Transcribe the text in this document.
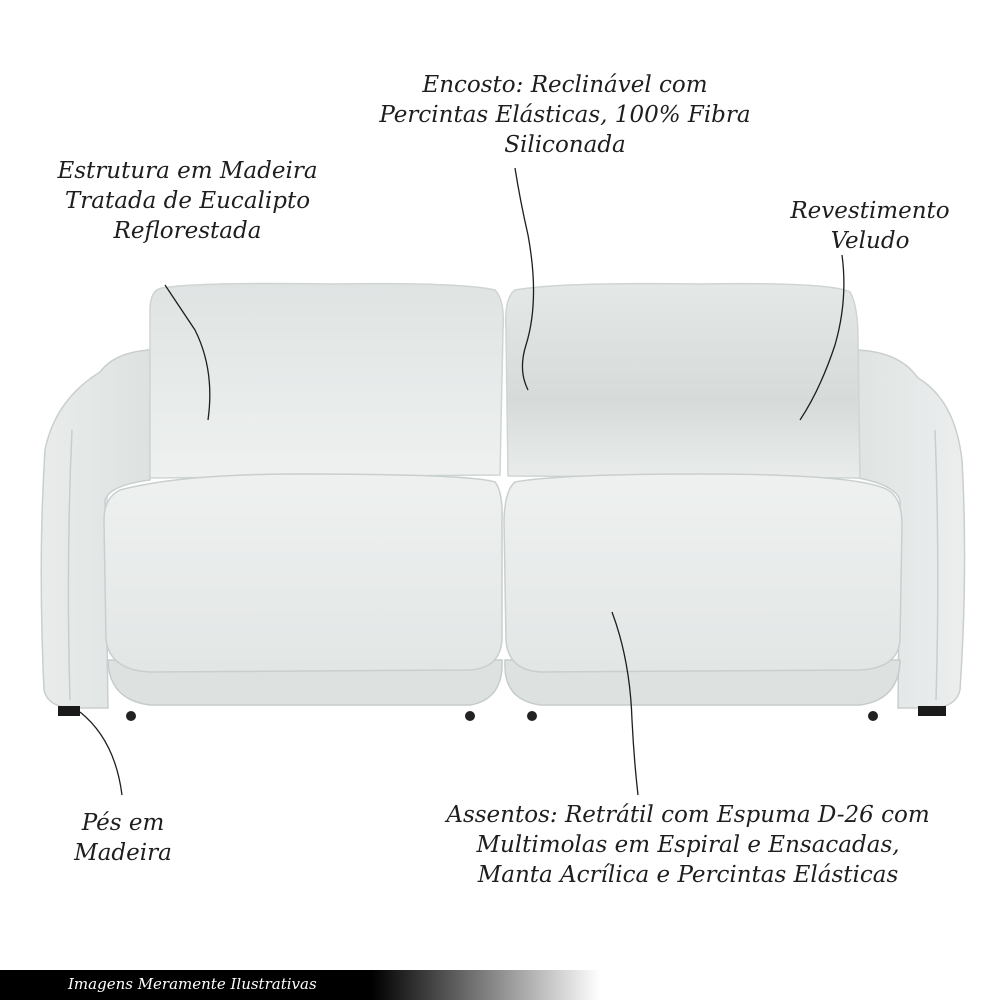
Encosto: Reclinável com
Percintas Elásticas, 100% Fibra
Siliconada
Estrutura em Madeira
Tratada de Eucalipto
Reflorestada
Revestimento
Veludo
Pés em
Madeira
Assentos: Retrátil com Espuma D-26 com
Multimolas em Espiral e Ensacadas,
Manta Acrílica e Percintas Elásticas
Imagens Meramente Ilustrativas
